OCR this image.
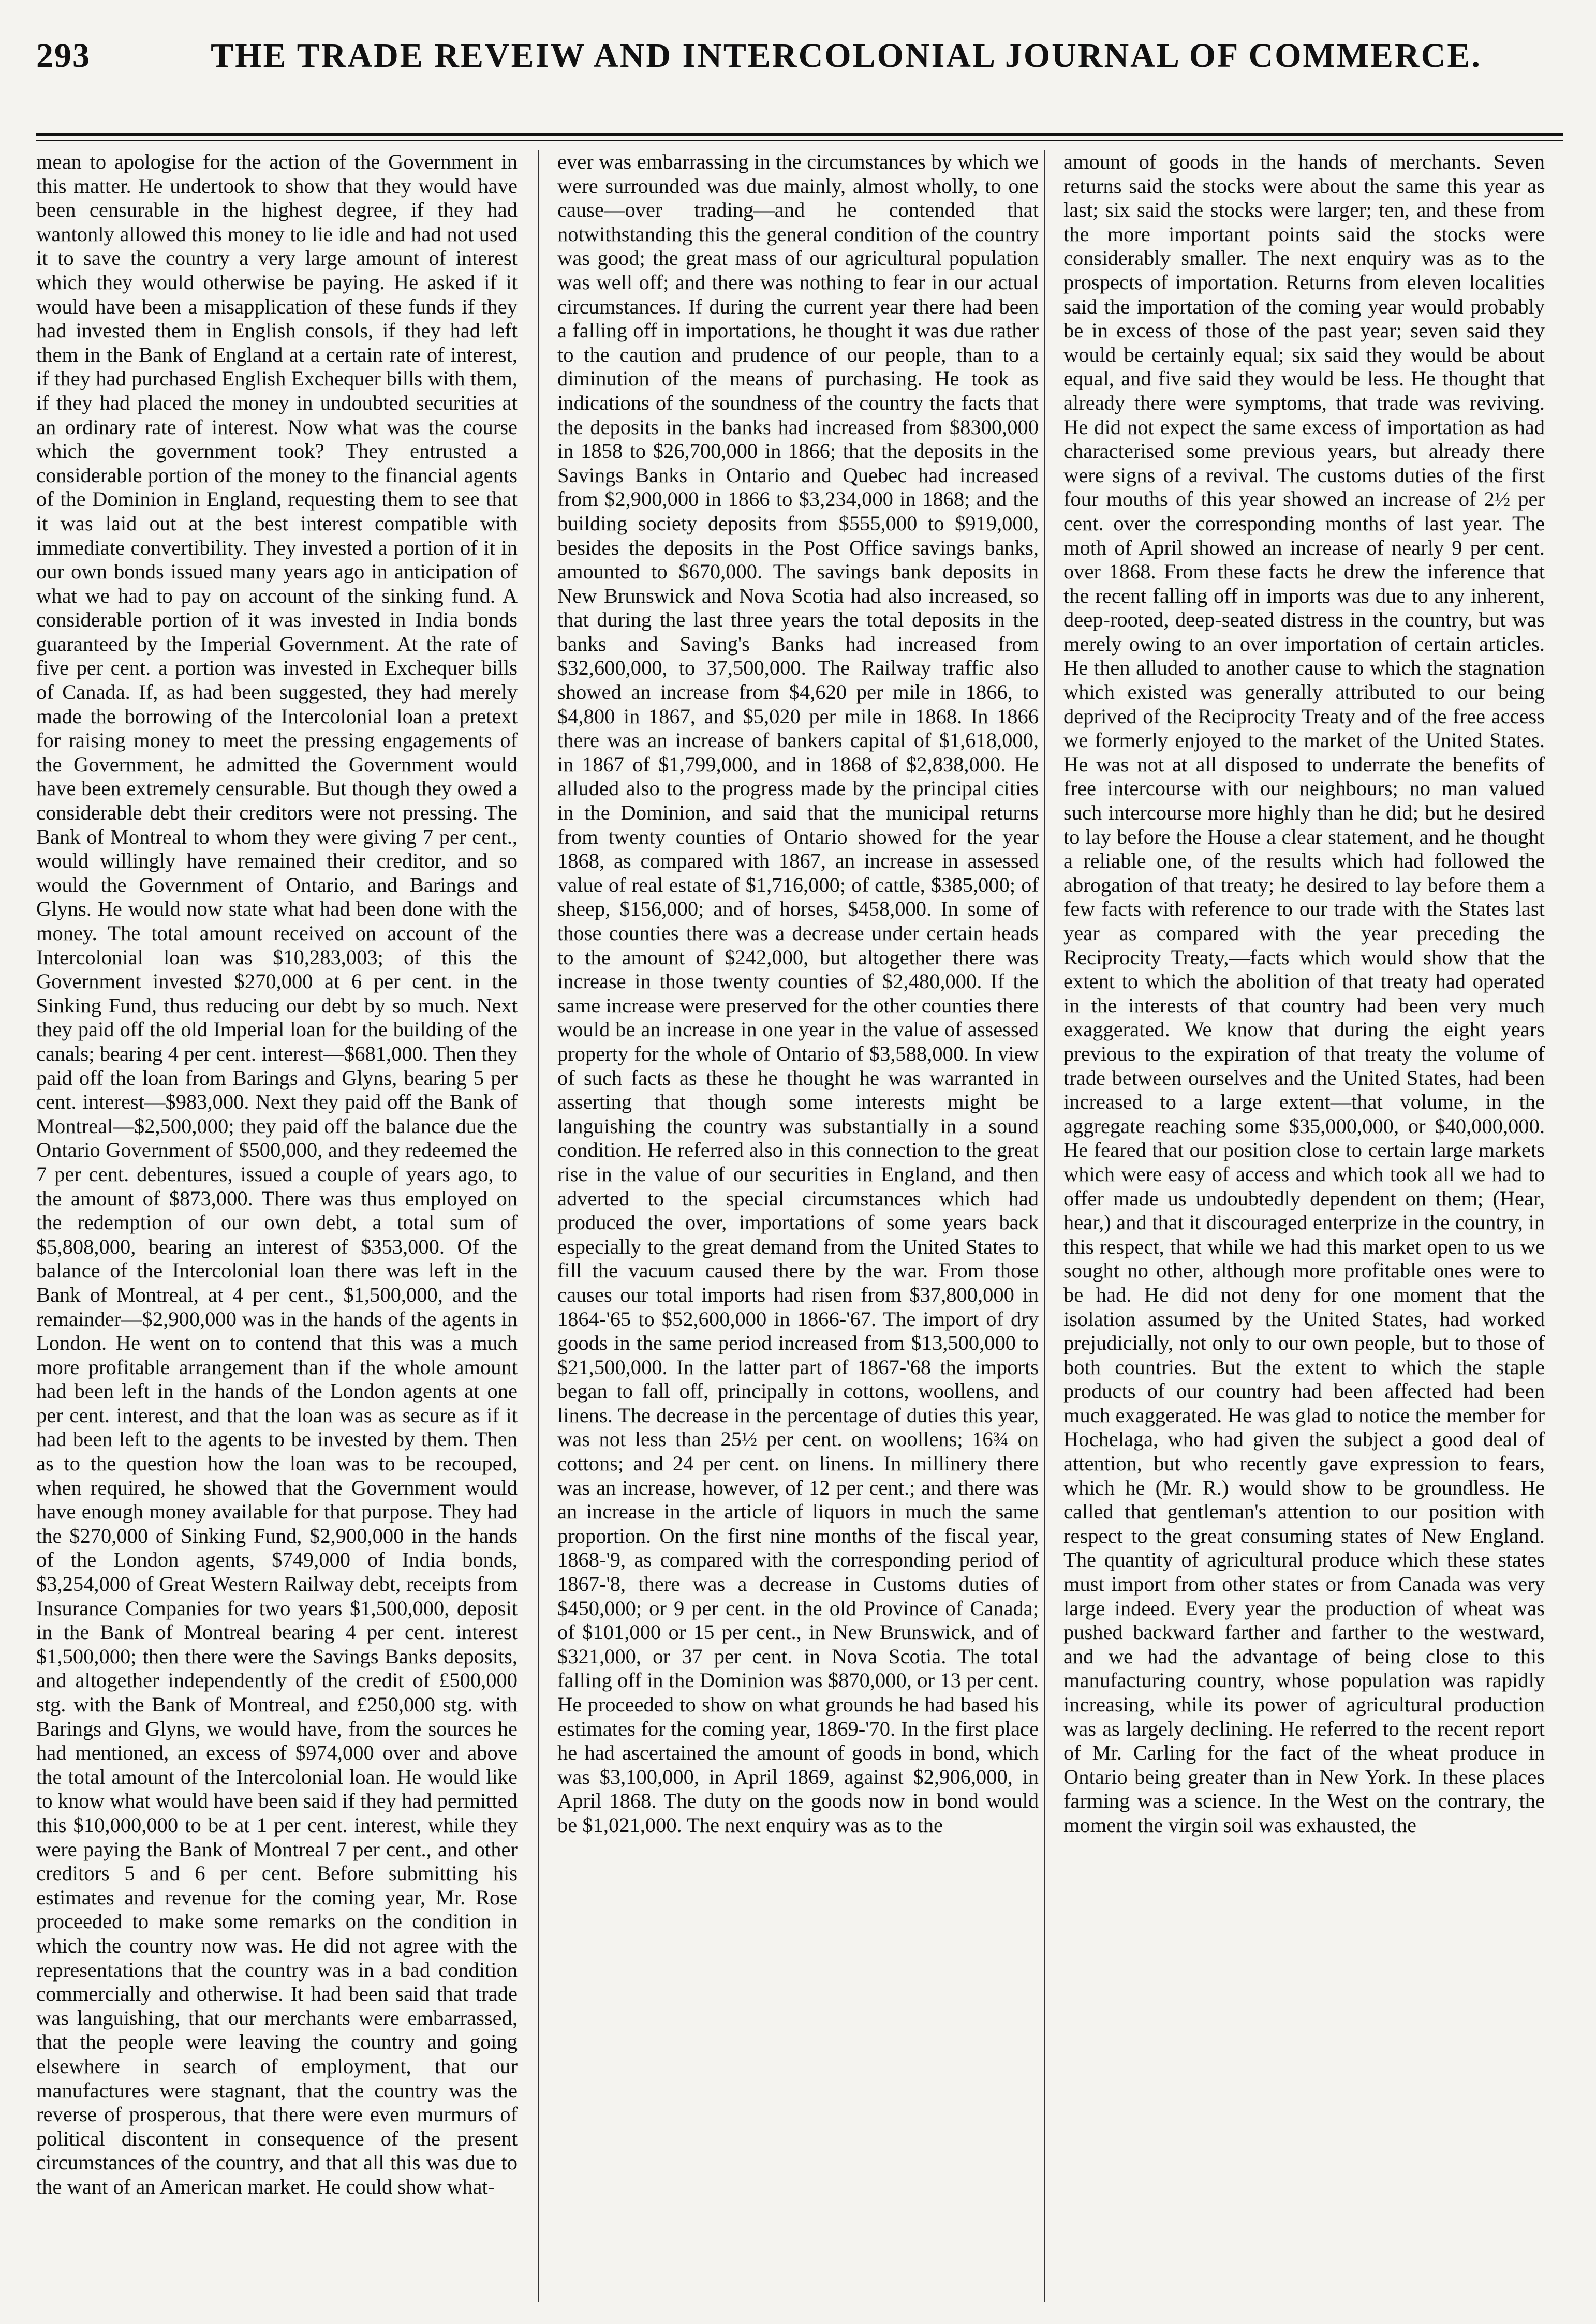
293	THE TRADE REVEIW AND INTERCOLONIAL JOURNAL OF COMMERCE.

mean to apologise for the action of the Government in this matter. He undertook to show that they would have been censurable in the highest degree, if they had wantonly allowed this money to lie idle and had not used it to save the country a very large amount of interest which they would otherwise be paying. He asked if it would have been a misapplication of these funds if they had invested them in English consols, if they had left them in the Bank of England at a certain rate of interest, if they had purchased English Exchequer bills with them, if they had placed the money in undoubted securities at an ordinary rate of interest. Now what was the course which the government took? They entrusted a considerable portion of the money to the financial agents of the Dominion in England, requesting them to see that it was laid out at the best interest compatible with immediate convertibility. They invested a portion of it in our own bonds issued many years ago in anticipation of what we had to pay on account of the sinking fund. A considerable portion of it was invested in India bonds guaranteed by the Imperial Government. At the rate of five per cent. a portion was invested in Exchequer bills of Canada. If, as had been suggested, they had merely made the borrowing of the Intercolonial loan a pretext for raising money to meet the pressing engagements of the Government, he admitted the Government would have been extremely censurable. But though they owed a considerable debt their creditors were not pressing. The Bank of Montreal to whom they were giving 7 per cent., would willingly have remained their creditor, and so would the Government of Ontario, and Barings and Glyns. He would now state what had been done with the money. The total amount received on account of the Intercolonial loan was $10,283,003; of this the Government invested $270,000 at 6 per cent. in the Sinking Fund, thus reducing our debt by so much. Next they paid off the old Imperial loan for the building of the canals; bearing 4 per cent. interest—$681,000. Then they paid off the loan from Barings and Glyns, bearing 5 per cent. interest—$983,000. Next they paid off the Bank of Montreal—$2,500,000; they paid off the balance due the Ontario Government of $500,000, and they redeemed the 7 per cent. debentures, issued a couple of years ago, to the amount of $873,000. There was thus employed on the redemption of our own debt, a total sum of $5,808,000, bearing an interest of $353,000. Of the balance of the Intercolonial loan there was left in the Bank of Montreal, at 4 per cent., $1,500,000, and the remainder—$2,900,000 was in the hands of the agents in London. He went on to contend that this was a much more profitable arrangement than if the whole amount had been left in the hands of the London agents at one per cent. interest, and that the loan was as secure as if it had been left to the agents to be invested by them. Then as to the question how the loan was to be recouped, when required, he showed that the Government would have enough money available for that purpose. They had the $270,000 of Sinking Fund, $2,900,000 in the hands of the London agents, $749,000 of India bonds, $3,254,000 of Great Western Railway debt, receipts from Insurance Companies for two years $1,500,000, deposit in the Bank of Montreal bearing 4 per cent. interest $1,500,000; then there were the Savings Banks deposits, and altogether independently of the credit of £500,000 stg. with the Bank of Montreal, and £250,000 stg. with Barings and Glyns, we would have, from the sources he had mentioned, an excess of $974,000 over and above the total amount of the Intercolonial loan. He would like to know what would have been said if they had permitted this $10,000,000 to be at 1 per cent. interest, while they were paying the Bank of Montreal 7 per cent., and other creditors 5 and 6 per cent. Before submitting his estimates and revenue for the coming year, Mr. Rose proceeded to make some remarks on the condition in which the country now was. He did not agree with the representations that the country was in a bad condition commercially and otherwise. It had been said that trade was languishing, that our merchants were embarrassed, that the people were leaving the country and going elsewhere in search of employment, that our manufactures were stagnant, that the country was the reverse of prosperous, that there were even murmurs of political discontent in consequence of the present circumstances of the country, and that all this was due to the want of an American market. He could show what-

ever was embarrassing in the circumstances by which we were surrounded was due mainly, almost wholly, to one cause—over trading—and he contended that notwithstanding this the general condition of the country was good; the great mass of our agricultural population was well off; and there was nothing to fear in our actual circumstances. If during the current year there had been a falling off in importations, he thought it was due rather to the caution and prudence of our people, than to a diminution of the means of purchasing. He took as indications of the soundness of the country the facts that the deposits in the banks had increased from $8300,000 in 1858 to $26,700,000 in 1866; that the deposits in the Savings Banks in Ontario and Quebec had increased from $2,900,000 in 1866 to $3,234,000 in 1868; and the building society deposits from $555,000 to $919,000, besides the deposits in the Post Office savings banks, amounted to $670,000. The savings bank deposits in New Brunswick and Nova Scotia had also increased, so that during the last three years the total deposits in the banks and Saving's Banks had increased from $32,600,000, to 37,500,000. The Railway traffic also showed an increase from $4,620 per mile in 1866, to $4,800 in 1867, and $5,020 per mile in 1868. In 1866 there was an increase of bankers capital of $1,618,000, in 1867 of $1,799,000, and in 1868 of $2,838,000. He alluded also to the progress made by the principal cities in the Dominion, and said that the municipal returns from twenty counties of Ontario showed for the year 1868, as compared with 1867, an increase in assessed value of real estate of $1,716,000; of cattle, $385,000; of sheep, $156,000; and of horses, $458,000. In some of those counties there was a decrease under certain heads to the amount of $242,000, but altogether there was increase in those twenty counties of $2,480,000. If the same increase were preserved for the other counties there would be an increase in one year in the value of assessed property for the whole of Ontario of $3,588,000. In view of such facts as these he thought he was warranted in asserting that though some interests might be languishing the country was substantially in a sound condition. He referred also in this connection to the great rise in the value of our securities in England, and then adverted to the special circumstances which had produced the over, importations of some years back especially to the great demand from the United States to fill the vacuum caused there by the war. From those causes our total imports had risen from $37,800,000 in 1864-'65 to $52,600,000 in 1866-'67. The import of dry goods in the same period increased from $13,500,000 to $21,500,000. In the latter part of 1867-'68 the imports began to fall off, principally in cottons, woollens, and linens. The decrease in the percentage of duties this year, was not less than 25½ per cent. on woollens; 16¾ on cottons; and 24 per cent. on linens. In millinery there was an increase, however, of 12 per cent.; and there was an increase in the article of liquors in much the same proportion. On the first nine months of the fiscal year, 1868-'9, as compared with the corresponding period of 1867-'8, there was a decrease in Customs duties of $450,000; or 9 per cent. in the old Province of Canada; of $101,000 or 15 per cent., in New Brunswick, and of $321,000, or 37 per cent. in Nova Scotia. The total falling off in the Dominion was $870,000, or 13 per cent. He proceeded to show on what grounds he had based his estimates for the coming year, 1869-'70. In the first place he had ascertained the amount of goods in bond, which was $3,100,000, in April 1869, against $2,906,000, in April 1868. The duty on the goods now in bond would be $1,021,000. The next enquiry was as to the

amount of goods in the hands of merchants. Seven returns said the stocks were about the same this year as last; six said the stocks were larger; ten, and these from the more important points said the stocks were considerably smaller. The next enquiry was as to the prospects of importation. Returns from eleven localities said the importation of the coming year would probably be in excess of those of the past year; seven said they would be certainly equal; six said they would be about equal, and five said they would be less. He thought that already there were symptoms, that trade was reviving. He did not expect the same excess of importation as had characterised some previous years, but already there were signs of a revival. The customs duties of the first four mouths of this year showed an increase of 2½ per cent. over the corresponding months of last year. The moth of April showed an increase of nearly 9 per cent. over 1868. From these facts he drew the inference that the recent falling off in imports was due to any inherent, deep-rooted, deep-seated distress in the country, but was merely owing to an over importation of certain articles. He then alluded to another cause to which the stagnation which existed was generally attributed to our being deprived of the Reciprocity Treaty and of the free access we formerly enjoyed to the market of the United States. He was not at all disposed to underrate the benefits of free intercourse with our neighbours; no man valued such intercourse more highly than he did; but he desired to lay before the House a clear statement, and he thought a reliable one, of the results which had followed the abrogation of that treaty; he desired to lay before them a few facts with reference to our trade with the States last year as compared with the year preceding the Reciprocity Treaty,—facts which would show that the extent to which the abolition of that treaty had operated in the interests of that country had been very much exaggerated. We know that during the eight years previous to the expiration of that treaty the volume of trade between ourselves and the United States, had been increased to a large extent—that volume, in the aggregate reaching some $35,000,000, or $40,000,000. He feared that our position close to certain large markets which were easy of access and which took all we had to offer made us undoubtedly dependent on them; (Hear, hear,) and that it discouraged enterprize in the country, in this respect, that while we had this market open to us we sought no other, although more profitable ones were to be had. He did not deny for one moment that the isolation assumed by the United States, had worked prejudicially, not only to our own people, but to those of both countries. But the extent to which the staple products of our country had been affected had been much exaggerated. He was glad to notice the member for Hochelaga, who had given the subject a good deal of attention, but who recently gave expression to fears, which he (Mr. R.) would show to be groundless. He called that gentleman's attention to our position with respect to the great consuming states of New England. The quantity of agricultural produce which these states must import from other states or from Canada was very large indeed. Every year the production of wheat was pushed backward farther and farther to the westward, and we had the advantage of being close to this manufacturing country, whose population was rapidly increasing, while its power of agricultural production was as largely declining. He referred to the recent report of Mr. Carling for the fact of the wheat produce in Ontario being greater than in New York. In these places farming was a science. In the West on the contrary, the moment the virgin soil was exhausted, the
